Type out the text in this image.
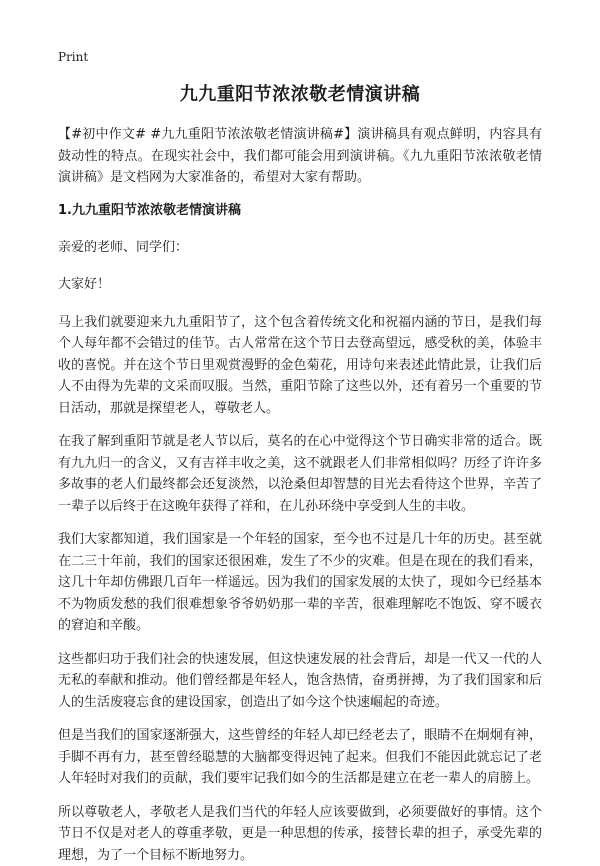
Print
九九重阳节浓浓敬老情演讲稿

【#初中作文# #九九重阳节浓浓敬老情演讲稿#】演讲稿具有观点鲜明，内容具有鼓动性的特点。在现实社会中，我们都可能会用到演讲稿。《九九重阳节浓浓敬老情演讲稿》是文档网为大家准备的，希望对大家有帮助。

1.九九重阳节浓浓敬老情演讲稿

亲爱的老师、同学们：

大家好！

马上我们就要迎来九九重阳节了，这个包含着传统文化和祝福内涵的节日，是我们每个人每年都不会错过的佳节。古人常常在这个节日去登高望远，感受秋的美，体验丰收的喜悦。并在这个节日里观赏漫野的金色菊花，用诗句来表述此情此景，让我们后人不由得为先辈的文采而叹服。当然，重阳节除了这些以外，还有着另一个重要的节日活动，那就是探望老人，尊敬老人。

在我了解到重阳节就是老人节以后，莫名的在心中觉得这个节日确实非常的适合。既有九九归一的含义，又有吉祥丰收之美，这不就跟老人们非常相似吗？历经了许许多多故事的老人们最终都会还复淡然，以沧桑但却智慧的目光去看待这个世界，辛苦了一辈子以后终于在这晚年获得了祥和，在儿孙环绕中享受到人生的丰收。

我们大家都知道，我们国家是一个年轻的国家，至今也不过是几十年的历史。甚至就在二三十年前，我们的国家还很困难，发生了不少的灾难。但是在现在的我们看来，这几十年却仿佛跟几百年一样遥远。因为我们的国家发展的太快了，现如今已经基本不为物质发愁的我们很难想象爷爷奶奶那一辈的辛苦，很难理解吃不饱饭、穿不暖衣的窘迫和辛酸。

这些都归功于我们社会的快速发展，但这快速发展的社会背后，却是一代又一代的人无私的奉献和推动。他们曾经都是年轻人，饱含热情，奋勇拼搏，为了我们国家和后人的生活废寝忘食的建设国家，创造出了如今这个快速崛起的奇迹。

但是当我们的国家逐渐强大，这些曾经的年轻人却已经老去了，眼睛不在炯炯有神，手脚不再有力，甚至曾经聪慧的大脑都变得迟钝了起来。但我们不能因此就忘记了老人年轻时对我们的贡献，我们要牢记我们如今的生活都是建立在老一辈人的肩膀上。

所以尊敬老人，孝敬老人是我们当代的年轻人应该要做到，必须要做好的事情。这个节日不仅是对老人的尊重孝敬，更是一种思想的传承，接替长辈的担子，承受先辈的理想，为了一个目标不断地努力。
